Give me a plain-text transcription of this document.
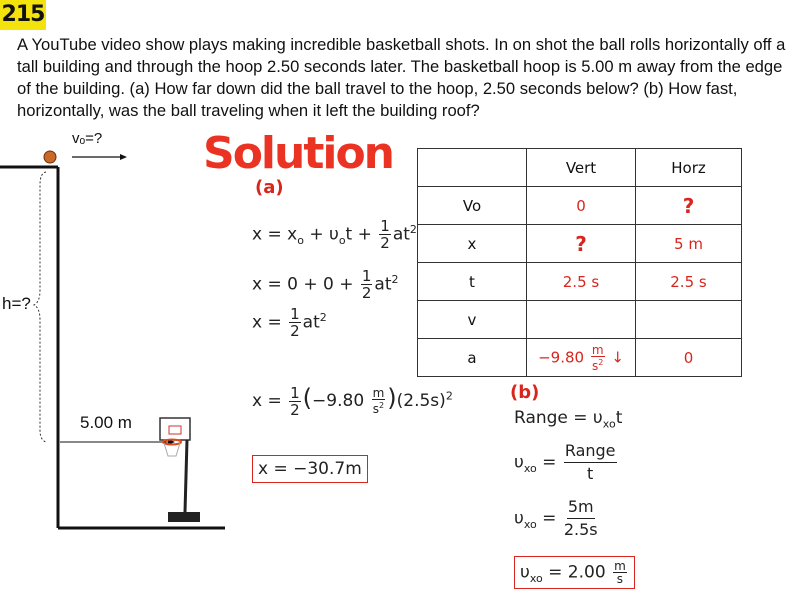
215
A YouTube video show plays making incredible basketball shots. In on shot the ball rolls horizontally off a tall building and through the hoop 2.50 seconds later. The basketball hoop is 5.00 m away from the edge of the building. (a) How far down did the ball travel to the hoop, 2.50 seconds below? (b) How fast, horizontally, was the ball traveling when it left the building roof?
vₒ=?
h=?
5.00 m
Solution
(a)
$x = x_o + \upsilon_ot + \frac{1}{2} at^2$
$x = 0 + 0 + \frac{1}{2} at^2$
$x = \frac{1}{2} at^2$
$x = \frac{1}{2} (-9.80 \frac{m}{s^2} )(2.5s)^2$
x = −30.7m
	Vert	Horz
Vo	0	?
x	?	5 m
t	2.5 s	2.5 s
v		
a	$-9.80 \frac{m}{s^2}$ ↓	0
(b)
Range = $\upsilon_{xo}t$
$\upsilon_{xo} = \frac{\text{Range}}{t}$
$\upsilon_{xo} = \frac{5m}{2.5s}$
$\upsilon_{xo} = 2.00 \frac{m}{s}$
